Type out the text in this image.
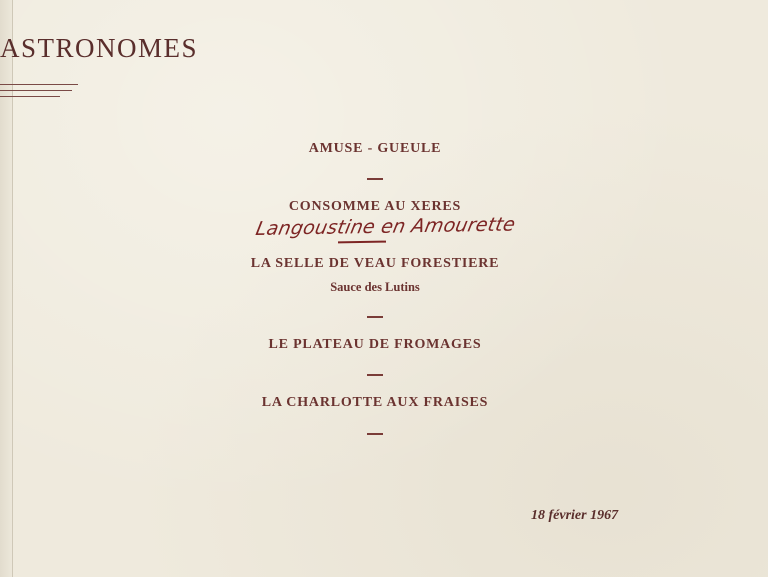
ASTRONOMES
AMUSE - GUEULE
CONSOMME AU XERES
LA SELLE DE VEAU FORESTIERE
Sauce des Lutins
LE PLATEAU DE FROMAGES
LA CHARLOTTE AUX FRAISES
Langoustine en Amourette
18 février 1967
